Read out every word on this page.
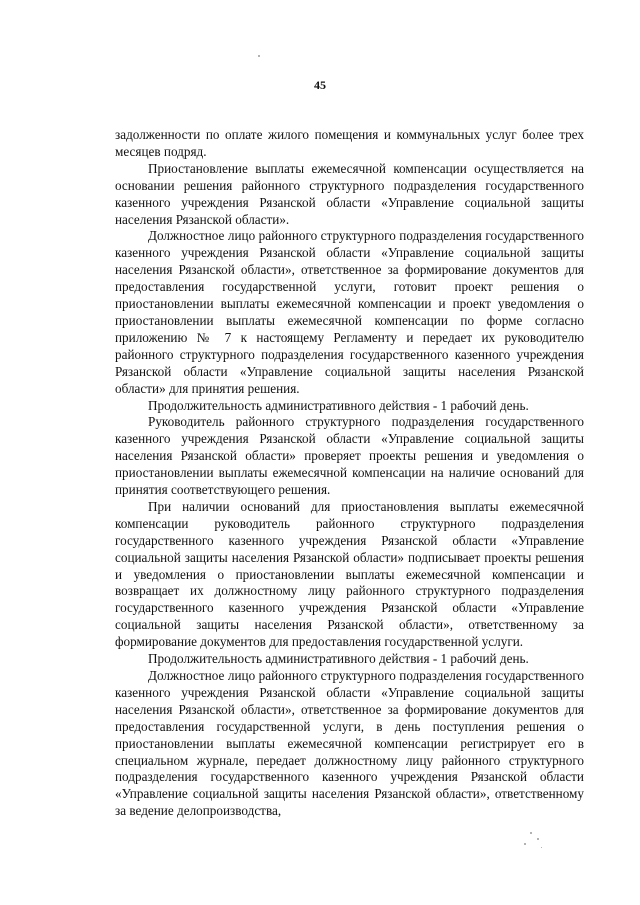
45

задолженности по оплате жилого помещения и коммунальных услуг более трех месяцев подряд.

Приостановление выплаты ежемесячной компенсации осуществляется на основании решения районного структурного подразделения государственного казенного учреждения Рязанской области «Управление социальной защиты населения Рязанской области».

Должностное лицо районного структурного подразделения государственного казенного учреждения Рязанской области «Управление социальной защиты населения Рязанской области», ответственное за формирование документов для предоставления государственной услуги, готовит проект решения о приостановлении выплаты ежемесячной компенсации и проект уведомления о приостановлении выплаты ежемесячной компенсации по форме согласно приложению № 7 к настоящему Регламенту и передает их руководителю районного структурного подразделения государственного казенного учреждения Рязанской области «Управление социальной защиты населения Рязанской области» для принятия решения.

Продолжительность административного действия - 1 рабочий день.

Руководитель районного структурного подразделения государственного казенного учреждения Рязанской области «Управление социальной защиты населения Рязанской области» проверяет проекты решения и уведомления о приостановлении выплаты ежемесячной компенсации на наличие оснований для принятия соответствующего решения.

При наличии оснований для приостановления выплаты ежемесячной компенсации руководитель районного структурного подразделения государственного казенного учреждения Рязанской области «Управление социальной защиты населения Рязанской области» подписывает проекты решения и уведомления о приостановлении выплаты ежемесячной компенсации и возвращает их должностному лицу районного структурного подразделения государственного казенного учреждения Рязанской области «Управление социальной защиты населения Рязанской области», ответственному за формирование документов для предоставления государственной услуги.

Продолжительность административного действия - 1 рабочий день.

Должностное лицо районного структурного подразделения государственного казенного учреждения Рязанской области «Управление социальной защиты населения Рязанской области», ответственное за формирование документов для предоставления государственной услуги, в день поступления решения о приостановлении выплаты ежемесячной компенсации регистрирует его в специальном журнале, передает должностному лицу районного структурного подразделения государственного казенного учреждения Рязанской области «Управление социальной защиты населения Рязанской области», ответственному за ведение делопроизводства,
